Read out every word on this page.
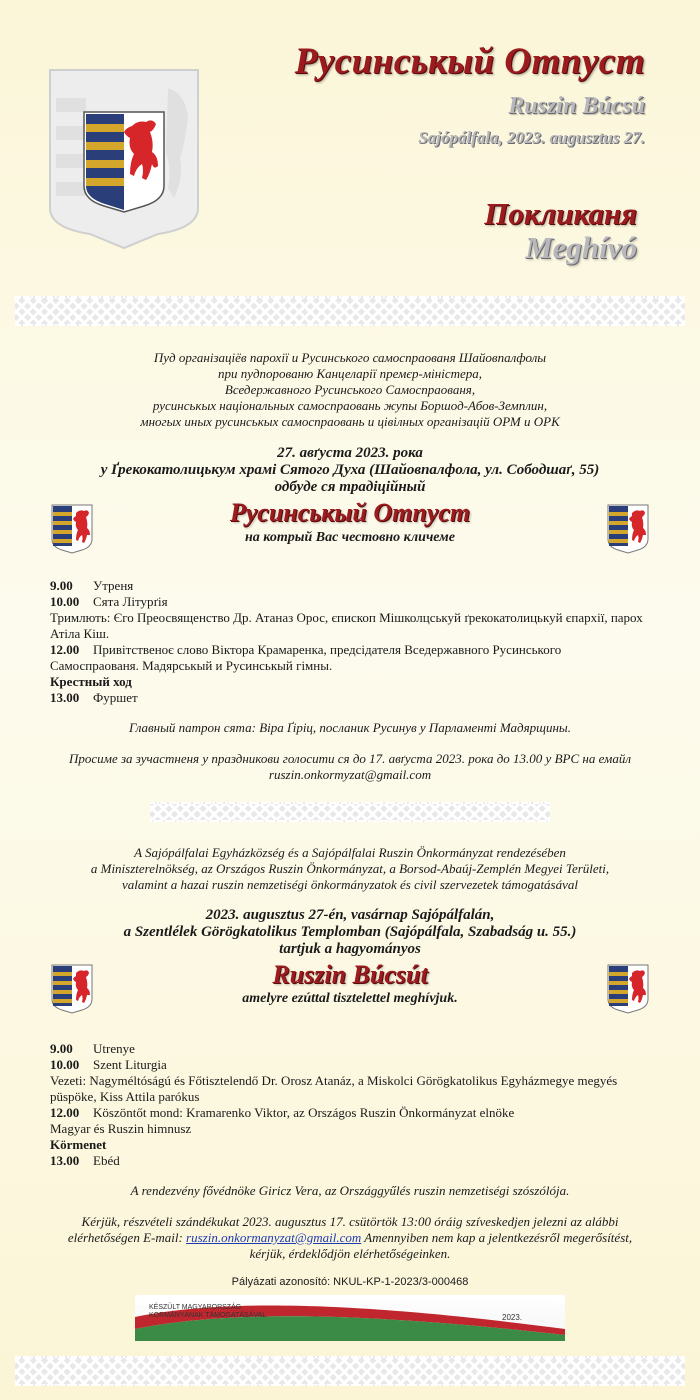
Русинськый Отпуст
Ruszin Búcsú
Sajópálfala, 2023. augusztus 27.
Покликаня
Meghívó
Пуд організаціёв парохії и Русинського самоспраованя Шайовпалфолы
при пудпорованю Канцеларії премєр-міністера,
Вседержавного Русинського Самоспраованя,
русинськых національных самоспраовань жупы Боршод-Абов-Земплин,
многых иных русинськых самоспраовань и цівілных організацій ОРМ и ОРК
27. авґуста 2023. рока
у Ґрекокатолицькум храмі Сятого Духа (Шайовпалфола, ул. Сободшаґ, 55)
одбуде ся традіційный
Русинськый Отпуст
на котрый Вас честовно кличеме
9.00 Утреня
10.00 Сята Літурґія
Тримлють: Єго Преосвященство Др. Атаназ Орос, єпископ Мішколцськуй ґрекокатолицькуй єпархії, парох Атіла Кіш.
12.00 Привітственоє слово Віктора Крамаренка, предсідателя Вседержавного Русинського Самоспраованя. Мадярськый и Русинськый гімны.
Крестный ход
13.00 Фуршет
Главный патрон сята: Віра Ґіріц, посланик Русинув у Парламенті Мадярщины.
Просиме за зучастненя у праздникови голосити ся до 17. авґуста 2023. рока до 13.00 у ВРС на емайл ruszin.onkormyzat@gmail.com
A Sajópálfalai Egyházközség és a Sajópálfalai Ruszin Önkormányzat rendezésében
a Miniszterelnökség, az Országos Ruszin Önkormányzat, a Borsod-Abaúj-Zemplén Megyei Területi,
valamint a hazai ruszin nemzetiségi önkormányzatok és civil szervezetek támogatásával
2023. augusztus 27-én, vasárnap Sajópálfalán,
a Szentlélek Görögkatolikus Templomban (Sajópálfala, Szabadság u. 55.)
tartjuk a hagyományos
Ruszin Búcsút
amelyre ezúttal tisztelettel meghívjuk.
9.00 Utrenye
10.00 Szent Liturgia
Vezeti: Nagyméltóságú és Főtisztelendő Dr. Orosz Atanáz, a Miskolci Görögkatolikus Egyházmegye megyés püspöke, Kiss Attila parókus
12.00 Köszöntőt mond: Kramarenko Viktor, az Országos Ruszin Önkormányzat elnöke
Magyar és Ruszin himnusz
Körmenet
13.00 Ebéd
A rendezvény fővédnöke Giricz Vera, az Országgyűlés ruszin nemzetiségi szószólója.
Kérjük, részvételi szándékukat 2023. augusztus 17. csütörtök 13:00 óráig szíveskedjen jelezni az alábbi elérhetőségen E-mail: ruszin.onkormanyzat@gmail.com Amennyiben nem kap a jelentkezésről megerősítést, kérjük, érdeklődjön elérhetőségeinken.
Pályázati azonosító: NKUL-KP-1-2023/3-000468
KÉSZÜLT MAGYARORSZÁG
KORMÁNYÁNAK TÁMOGATÁSÁVAL	2023.
